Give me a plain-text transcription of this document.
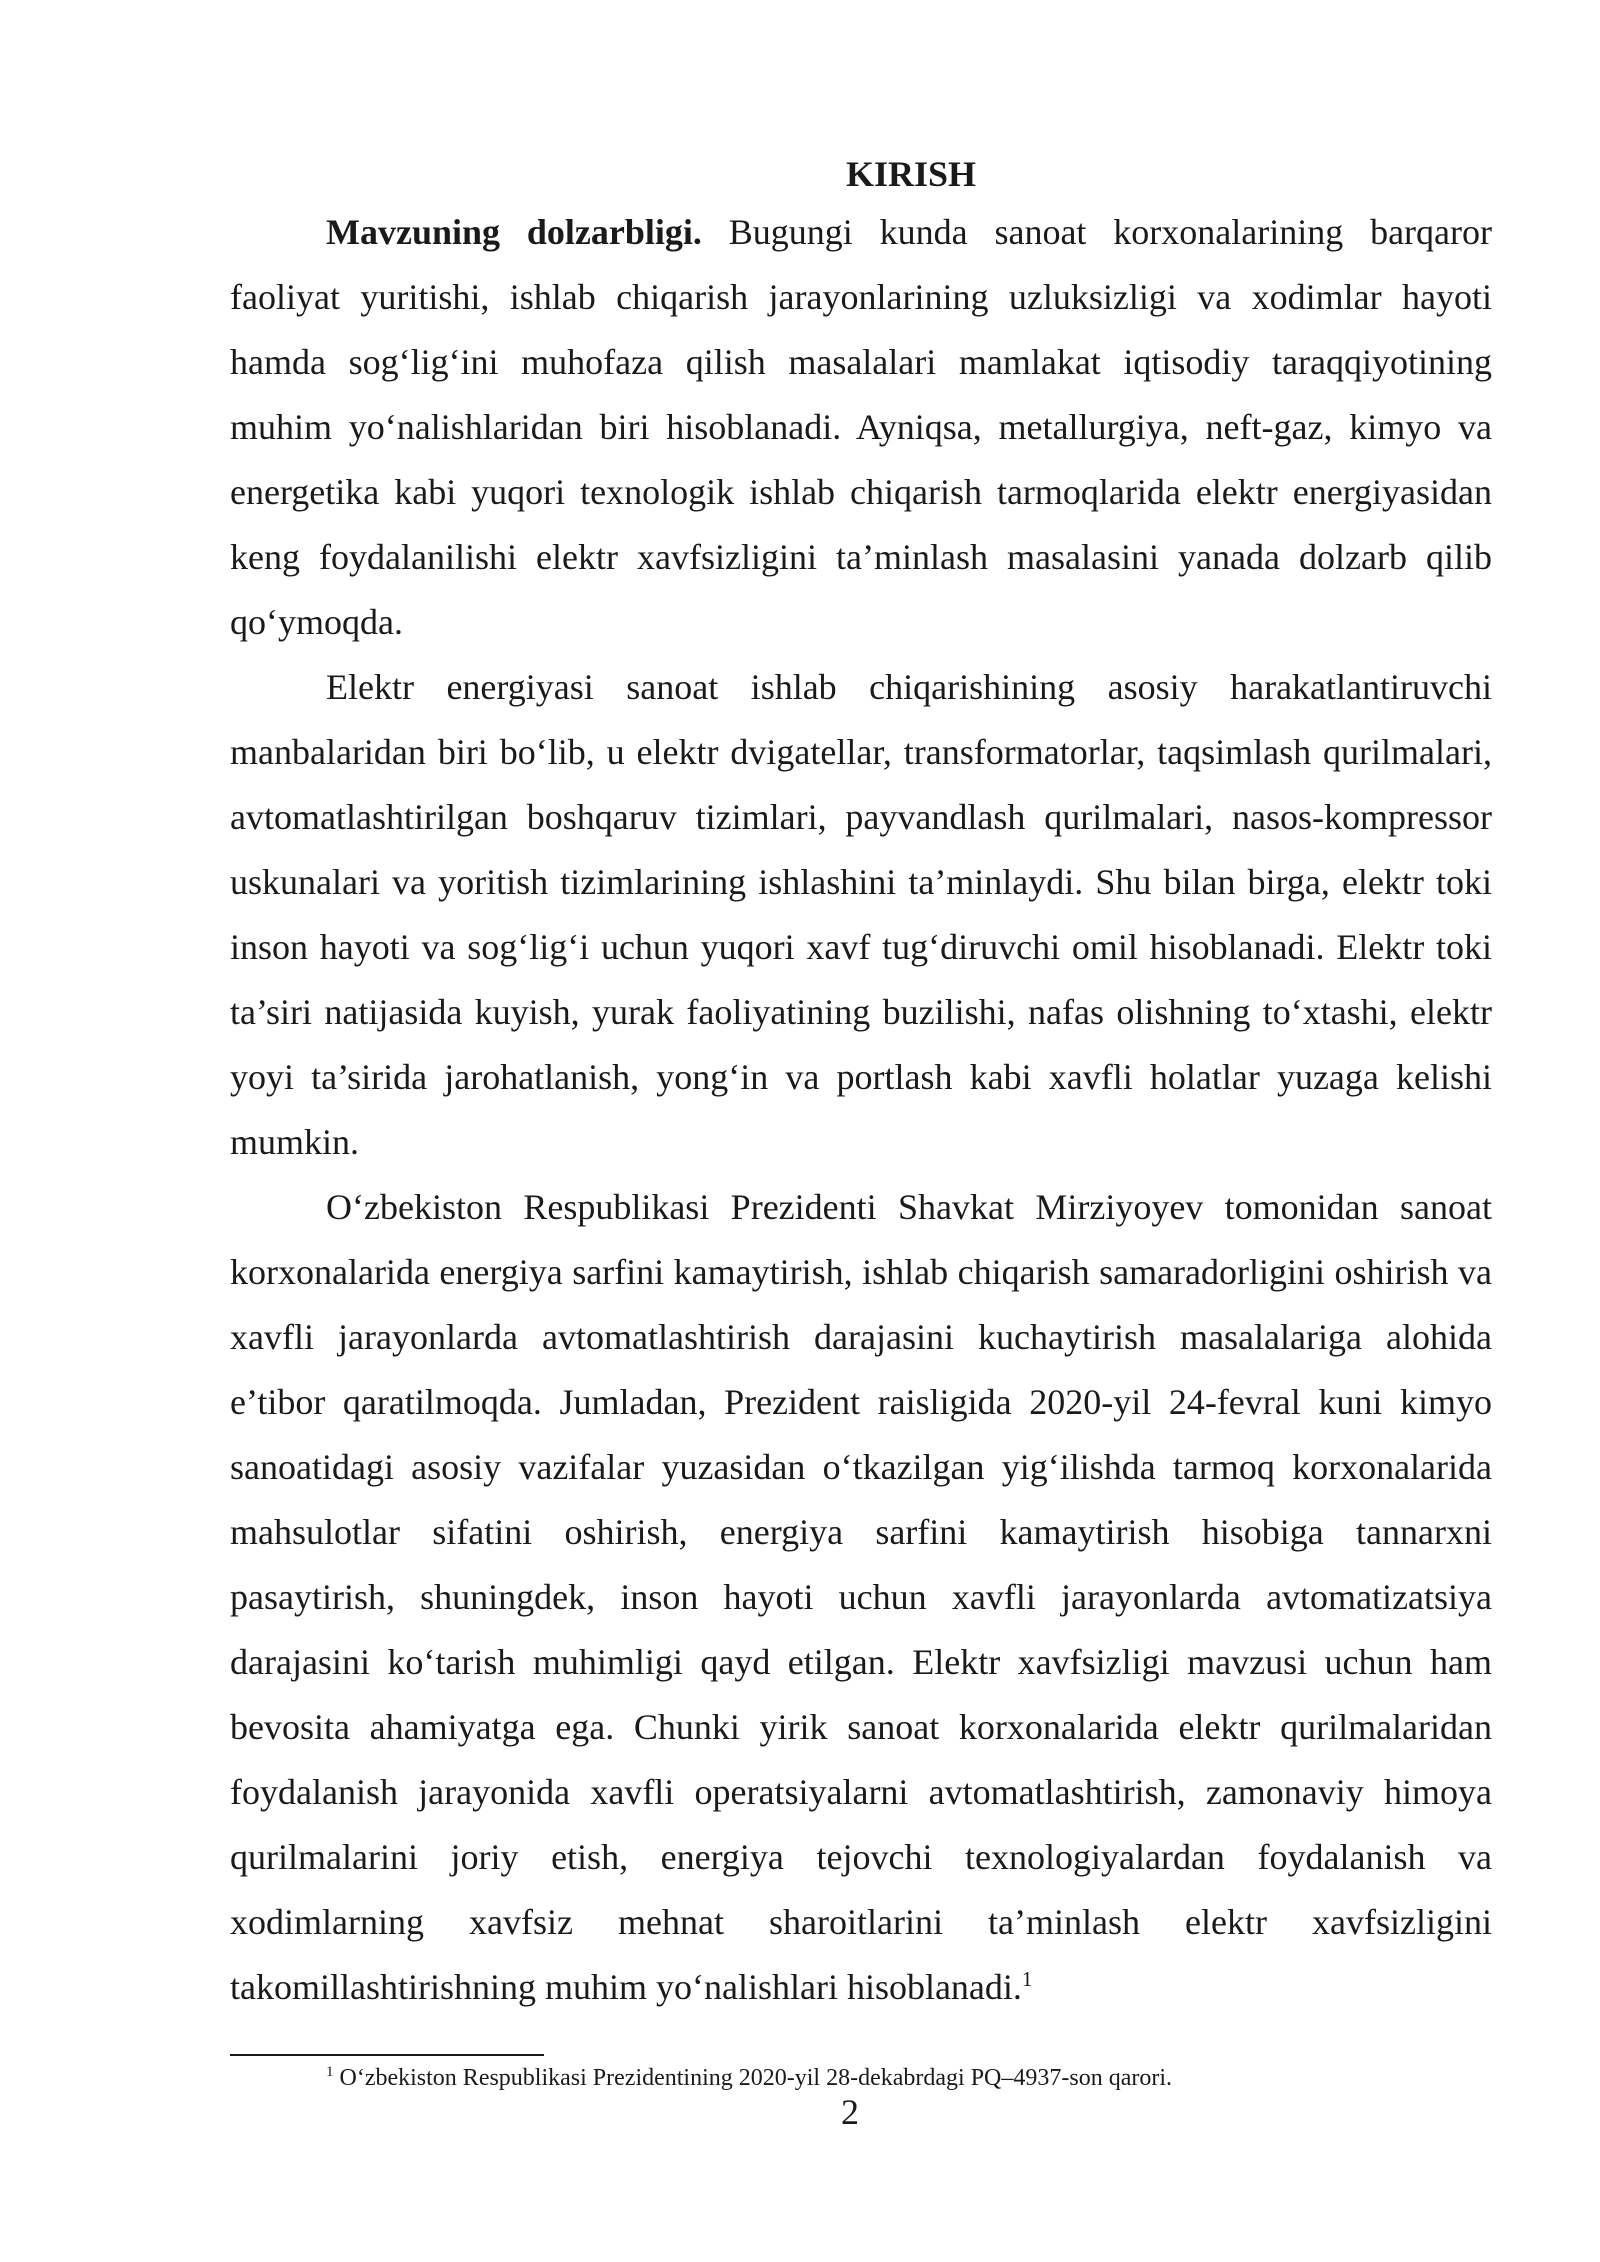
KIRISH

Mavzuning dolzarbligi. Bugungi kunda sanoat korxonalarining barqaror faoliyat yuritishi, ishlab chiqarish jarayonlarining uzluksizligi va xodimlar hayoti hamda sog‘lig‘ini muhofaza qilish masalalari mamlakat iqtisodiy taraqqiyotining muhim yo‘nalishlaridan biri hisoblanadi. Ayniqsa, metallurgiya, neft-gaz, kimyo va energetika kabi yuqori texnologik ishlab chiqarish tarmoqlarida elektr energiyasidan keng foydalanilishi elektr xavfsizligini ta’minlash masalasini yanada dolzarb qilib qo‘ymoqda.

Elektr energiyasi sanoat ishlab chiqarishining asosiy harakatlantiruvchi manbalaridan biri bo‘lib, u elektr dvigatellar, transformatorlar, taqsimlash qurilmalari, avtomatlashtirilgan boshqaruv tizimlari, payvandlash qurilmalari, nasos-kompressor uskunalari va yoritish tizimlarining ishlashini ta’minlaydi. Shu bilan birga, elektr toki inson hayoti va sog‘lig‘i uchun yuqori xavf tug‘diruvchi omil hisoblanadi. Elektr toki ta’siri natijasida kuyish, yurak faoliyatining buzilishi, nafas olishning to‘xtashi, elektr yoyi ta’sirida jarohatlanish, yong‘in va portlash kabi xavfli holatlar yuzaga kelishi mumkin.

O‘zbekiston Respublikasi Prezidenti Shavkat Mirziyoyev tomonidan sanoat korxonalarida energiya sarfini kamaytirish, ishlab chiqarish samaradorligini oshirish va xavfli jarayonlarda avtomatlashtirish darajasini kuchaytirish masalalariga alohida e’tibor qaratilmoqda. Jumladan, Prezident raisligida 2020-yil 24-fevral kuni kimyo sanoatidagi asosiy vazifalar yuzasidan o‘tkazilgan yig‘ilishda tarmoq korxonalarida mahsulotlar sifatini oshirish, energiya sarfini kamaytirish hisobiga tannarxni pasaytirish, shuningdek, inson hayoti uchun xavfli jarayonlarda avtomatizatsiya darajasini ko‘tarish muhimligi qayd etilgan. Elektr xavfsizligi mavzusi uchun ham bevosita ahamiyatga ega. Chunki yirik sanoat korxonalarida elektr qurilmalaridan foydalanish jarayonida xavfli operatsiyalarni avtomatlashtirish, zamonaviy himoya qurilmalarini joriy etish, energiya tejovchi texnologiyalardan foydalanish va xodimlarning xavfsiz mehnat sharoitlarini ta’minlash elektr xavfsizligini takomillashtirishning muhim yo‘nalishlari hisoblanadi.$^1$

$^1$ O‘zbekiston Respublikasi Prezidentining 2020-yil 28-dekabrdagi PQ–4937-son qarori.
2
